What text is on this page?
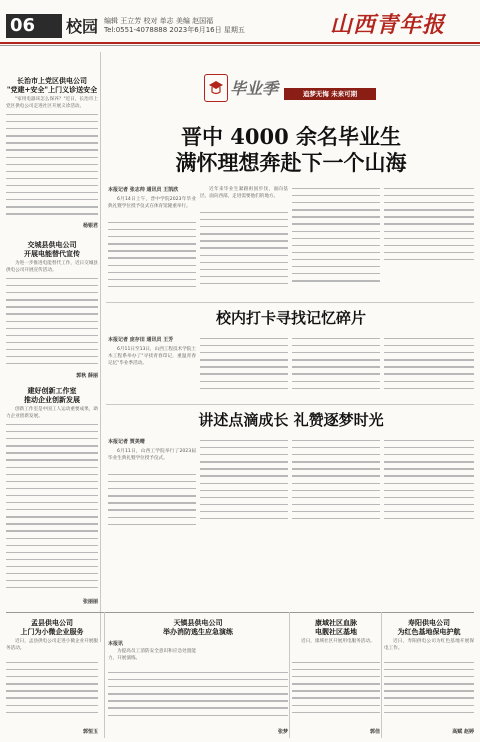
06	校园 编辑 王立芳 校对 单志 美编 赵国福
Tel:0551-4078888 2023年6月16日 星期五	山西青年报
长治市上党区供电公司
"党建+安全"上门义诊送安全
"家用电器该怎么保养？"近日，长治市上党区供电公司走进社区开展义诊活动。
杨银君
交城县供电公司
开展电能替代宣传
为进一步推进电能替代工作，近日交城县供电公司开展宣传活动。
郭秋 薛丽
建好创新工作室
推动企业创新发展
创新工作室是中国工人运动重要成果，助力企业创新发展。
张丽丽
毕业季	追梦无悔 未来可期
晋中 4000 余名毕业生
满怀理想奔赴下一个山海
本报记者 张志帅 通讯员 王凯欣
6月14日上午，晋中学院2023年毕业典礼暨学位授予仪式在体育馆隆重举行。
近年来毕业生紧跟祖国步伐，面向基层、面向西部，走进需要他们的地方。
校内打卡寻找记忆碎片
本报记者 庞存田 通讯员 王芳
6月11日至13日，山西工程技术学院土木工程系举办了"寻找青春印记，重温青春记忆"毕业季活动。
讲述点滴成长 礼赞逐梦时光
本报记者 贾美晴
6月11日，山西工学院举行了2023届毕业生典礼暨学位授予仪式。
孟县供电公司
上门为小微企业服务
近日，孟县供电公司走进小微企业开展服务活动。
郭恒玉
天镇县供电公司
举办消防逃生应急演练
本报讯
为提高员工消防安全意识和应急处置能力，开展演练。
张梦
康域社区血脉
电靓社区基地
近日，康域社区开展用电服务活动。
郭佳
寿阳供电公司
为红色基地保电护航
近日，寿阳供电公司为红色基地开展保电工作。
高赋 赵婷
